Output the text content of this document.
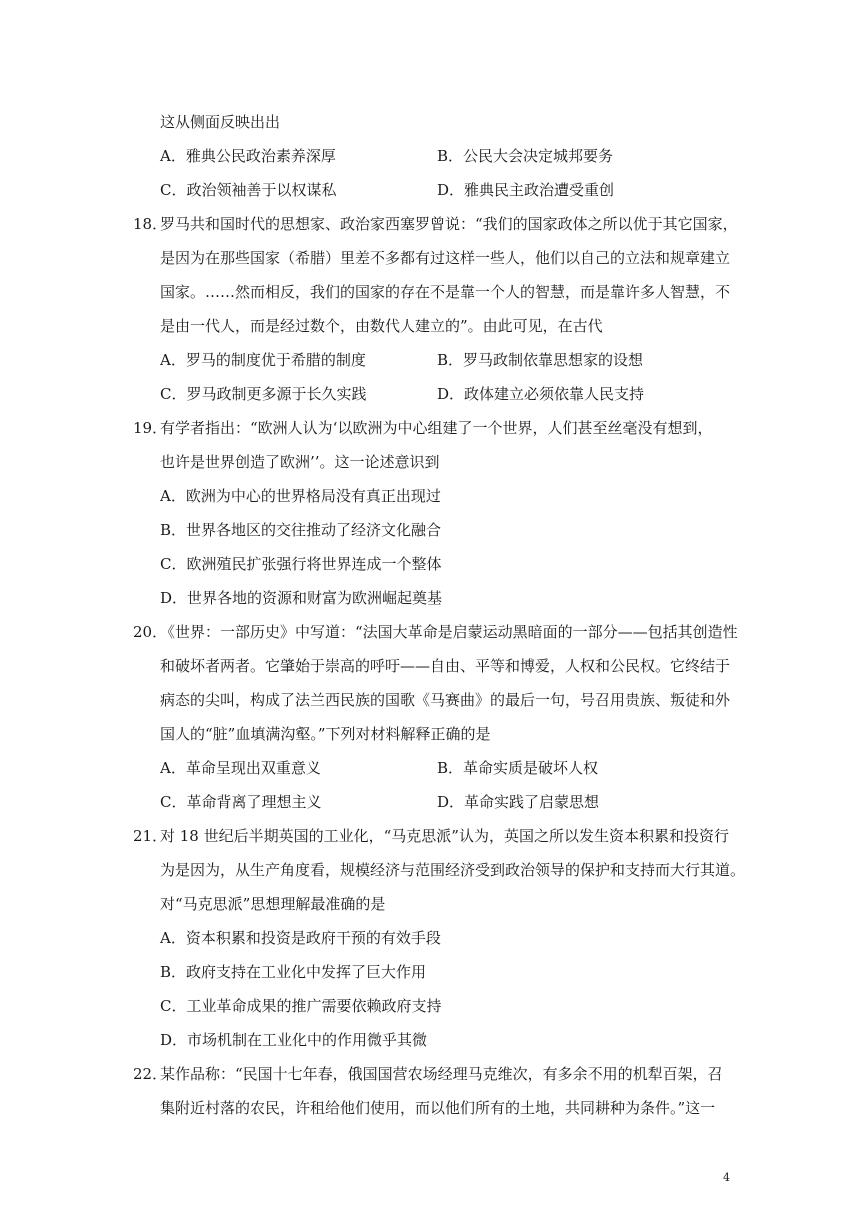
这从侧面反映出出
A．雅典公民政治素养深厚	B．公民大会决定城邦要务
C．政治领袖善于以权谋私	D．雅典民主政治遭受重创
18．
罗马共和国时代的思想家、政治家西塞罗曾说：“我们的国家政体之所以优于其它国家，
是因为在那些国家（希腊）里差不多都有过这样一些人，他们以自己的立法和规章建立
国家。……然而相反，我们的国家的存在不是靠一个人的智慧，而是靠许多人智慧，不
是由一代人，而是经过数个，由数代人建立的”。由此可见，在古代
A．罗马的制度优于希腊的制度	B．罗马政制依靠思想家的设想
C．罗马政制更多源于长久实践	D．政体建立必须依靠人民支持
19．
有学者指出：“欧洲人认为‘以欧洲为中心组建了一个世界，人们甚至丝毫没有想到，
也许是世界创造了欧洲’’。这一论述意识到
A．欧洲为中心的世界格局没有真正出现过
B．世界各地区的交往推动了经济文化融合
C．欧洲殖民扩张强行将世界连成一个整体
D．世界各地的资源和财富为欧洲崛起奠基
20．
《世界：一部历史》中写道：“法国大革命是启蒙运动黑暗面的一部分——包括其创造性
和破坏者两者。它肇始于崇高的呼吁——自由、平等和博爱，人权和公民权。它终结于
病态的尖叫，构成了法兰西民族的国歌《马赛曲》的最后一句，号召用贵族、叛徒和外
国人的“脏”血填满沟壑。”下列对材料解释正确的是
A．革命呈现出双重意义	B．革命实质是破坏人权
C．革命背离了理想主义	D．革命实践了启蒙思想
21．
对 18 世纪后半期英国的工业化，“马克思派”认为，英国之所以发生资本积累和投资行
为是因为，从生产角度看，规模经济与范围经济受到政治领导的保护和支持而大行其道。
对“马克思派”思想理解最准确的是
A．资本积累和投资是政府干预的有效手段
B．政府支持在工业化中发挥了巨大作用
C．工业革命成果的推广需要依赖政府支持
D．市场机制在工业化中的作用微乎其微
22．
某作品称：“民国十七年春，俄国国营农场经理马克维次，有多余不用的机犁百架，召
集附近村落的农民，许租给他们使用，而以他们所有的土地，共同耕种为条件。”这一
4
